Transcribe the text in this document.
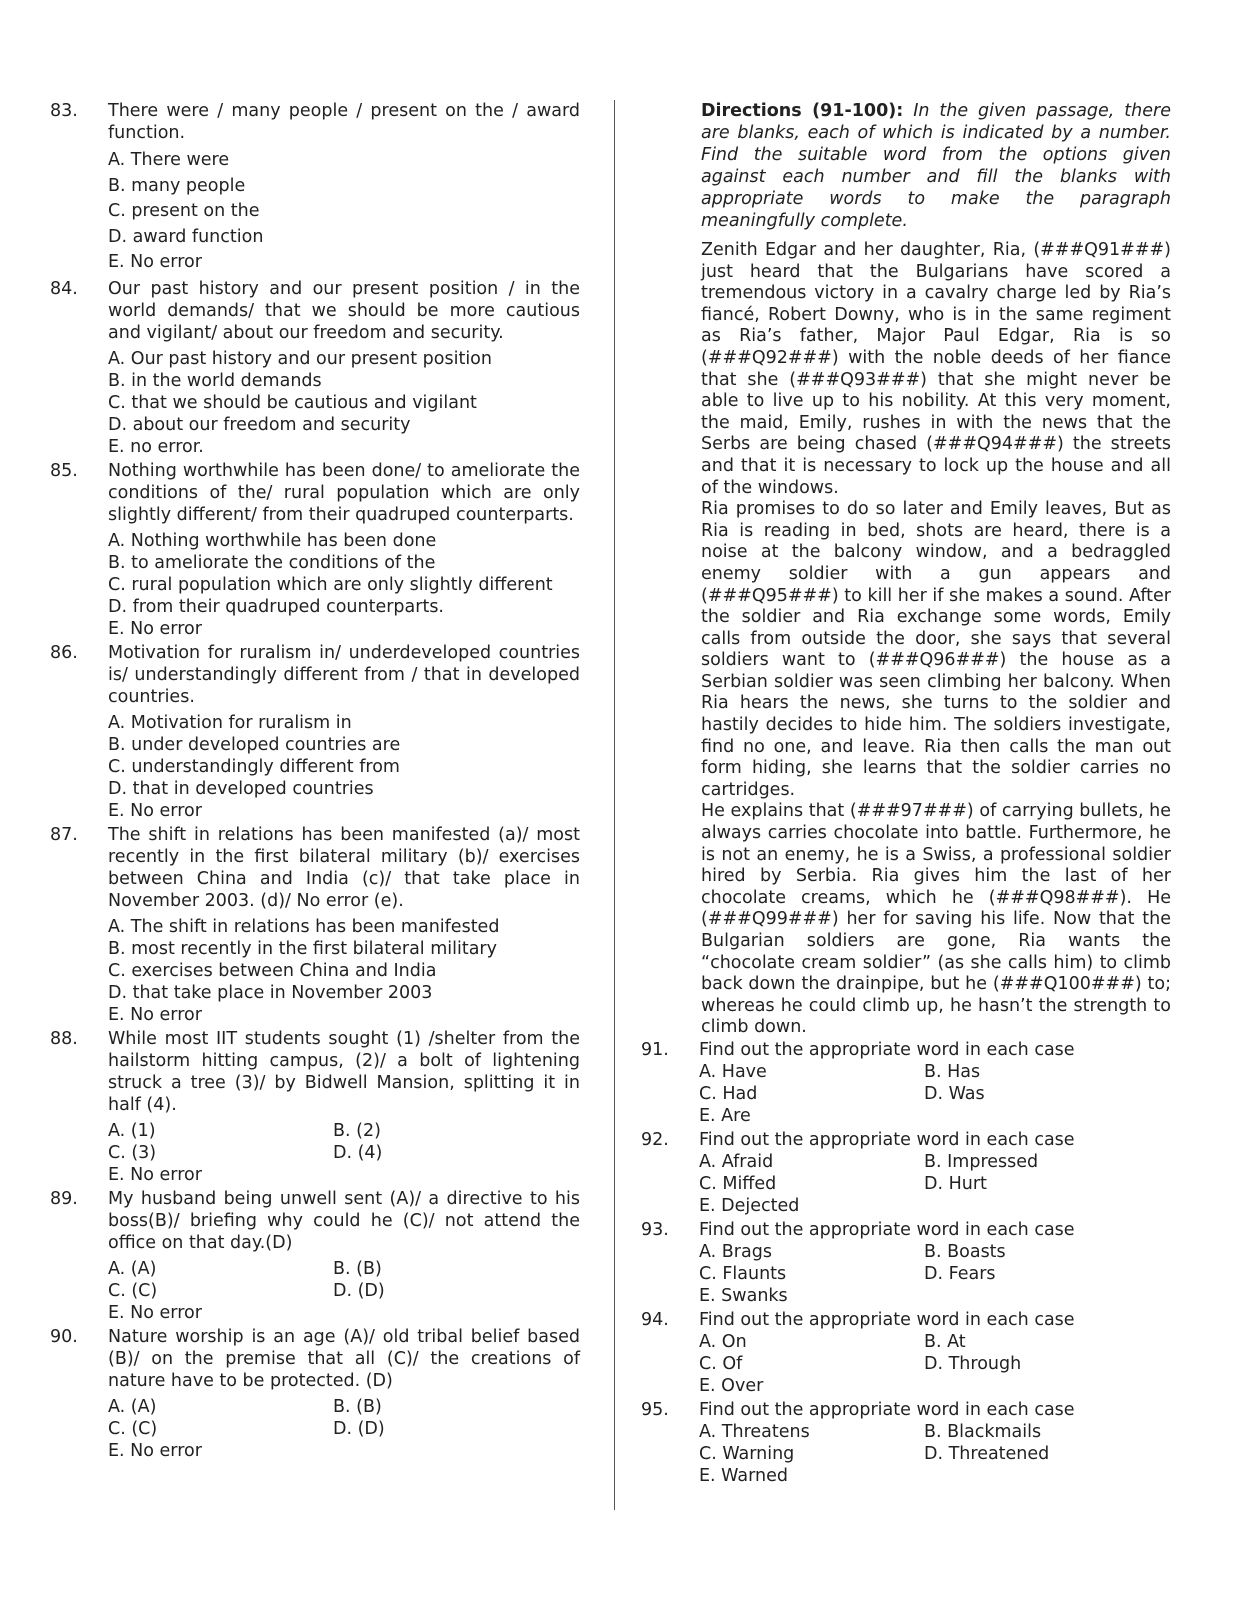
83.	There were / many people / present on the / award function.
A. There were
B. many people
C. present on the
D. award function
E. No error
84.	Our past history and our present position / in the world demands/ that we should be more cautious and vigilant/ about our freedom and security.
A. Our past history and our present position
B. in the world demands
C. that we should be cautious and vigilant
D. about our freedom and security
E. no error.
85.	Nothing worthwhile has been done/ to ameliorate the conditions of the/ rural population which are only slightly different/ from their quadruped counterparts.
A. Nothing worthwhile has been done
B. to ameliorate the conditions of the
C. rural population which are only slightly different
D. from their quadruped counterparts.
E. No error
86.	Motivation for ruralism in/ underdeveloped countries is/ understandingly different from / that in developed countries.
A. Motivation for ruralism in
B. under developed countries are
C. understandingly different from
D. that in developed countries
E. No error
87.	The shift in relations has been manifested (a)/ most recently in the first bilateral military (b)/ exercises between China and India (c)/ that take place in November 2003. (d)/ No error (e).
A. The shift in relations has been manifested
B. most recently in the first bilateral military
C. exercises between China and India
D. that take place in November 2003
E. No error
88.	While most IIT students sought (1) /shelter from the hailstorm hitting campus, (2)/ a bolt of lightening struck a tree (3)/ by Bidwell Mansion, splitting it in half (4).
A. (1)	B. (2)
C. (3)	D. (4)
E. No error
89.	My husband being unwell sent (A)/ a directive to his boss(B)/ briefing why could he (C)/ not attend the office on that day.(D)
A. (A)	B. (B)
C. (C)	D. (D)
E. No error
90.	Nature worship is an age (A)/ old tribal belief based (B)/ on the premise that all (C)/ the creations of nature have to be protected. (D)
A. (A)	B. (B)
C. (C)	D. (D)
E. No error
Directions (91-100): In the given passage, there are blanks, each of which is indicated by a number. Find the suitable word from the options given against each number and fill the blanks with appropriate words to make the paragraph meaningfully complete.

Zenith Edgar and her daughter, Ria, (###Q91###) just heard that the Bulgarians have scored a tremendous victory in a cavalry charge led by Ria’s fiancé, Robert Downy, who is in the same regiment as Ria’s father, Major Paul Edgar, Ria is so (###Q92###) with the noble deeds of her fiance that she (###Q93###) that she might never be able to live up to his nobility. At this very moment, the maid, Emily, rushes in with the news that the Serbs are being chased (###Q94###) the streets and that it is necessary to lock up the house and all of the windows.

Ria promises to do so later and Emily leaves, But as Ria is reading in bed, shots are heard, there is a noise at the balcony window, and a bedraggled enemy soldier with a gun appears and (###Q95###) to kill her if she makes a sound. After the soldier and Ria exchange some words, Emily calls from outside the door, she says that several soldiers want to (###Q96###) the house as a Serbian soldier was seen climbing her balcony. When Ria hears the news, she turns to the soldier and hastily decides to hide him. The soldiers investigate, find no one, and leave. Ria then calls the man out form hiding, she learns that the soldier carries no cartridges.

He explains that (###97###) of carrying bullets, he always carries chocolate into battle. Furthermore, he is not an enemy, he is a Swiss, a professional soldier hired by Serbia. Ria gives him the last of her chocolate creams, which he (###Q98###). He (###Q99###) her for saving his life. Now that the Bulgarian soldiers are gone, Ria wants the “chocolate cream soldier” (as she calls him) to climb back down the drainpipe, but he (###Q100###) to; whereas he could climb up, he hasn’t the strength to climb down.

91.	Find out the appropriate word in each case
A. Have	B. Has
C. Had	D. Was
E. Are
92.	Find out the appropriate word in each case
A. Afraid	B. Impressed
C. Miffed	D. Hurt
E. Dejected
93.	Find out the appropriate word in each case
A. Brags	B. Boasts
C. Flaunts	D. Fears
E. Swanks
94.	Find out the appropriate word in each case
A. On	B. At
C. Of	D. Through
E. Over
95.	Find out the appropriate word in each case
A. Threatens	B. Blackmails
C. Warning	D. Threatened
E. Warned
